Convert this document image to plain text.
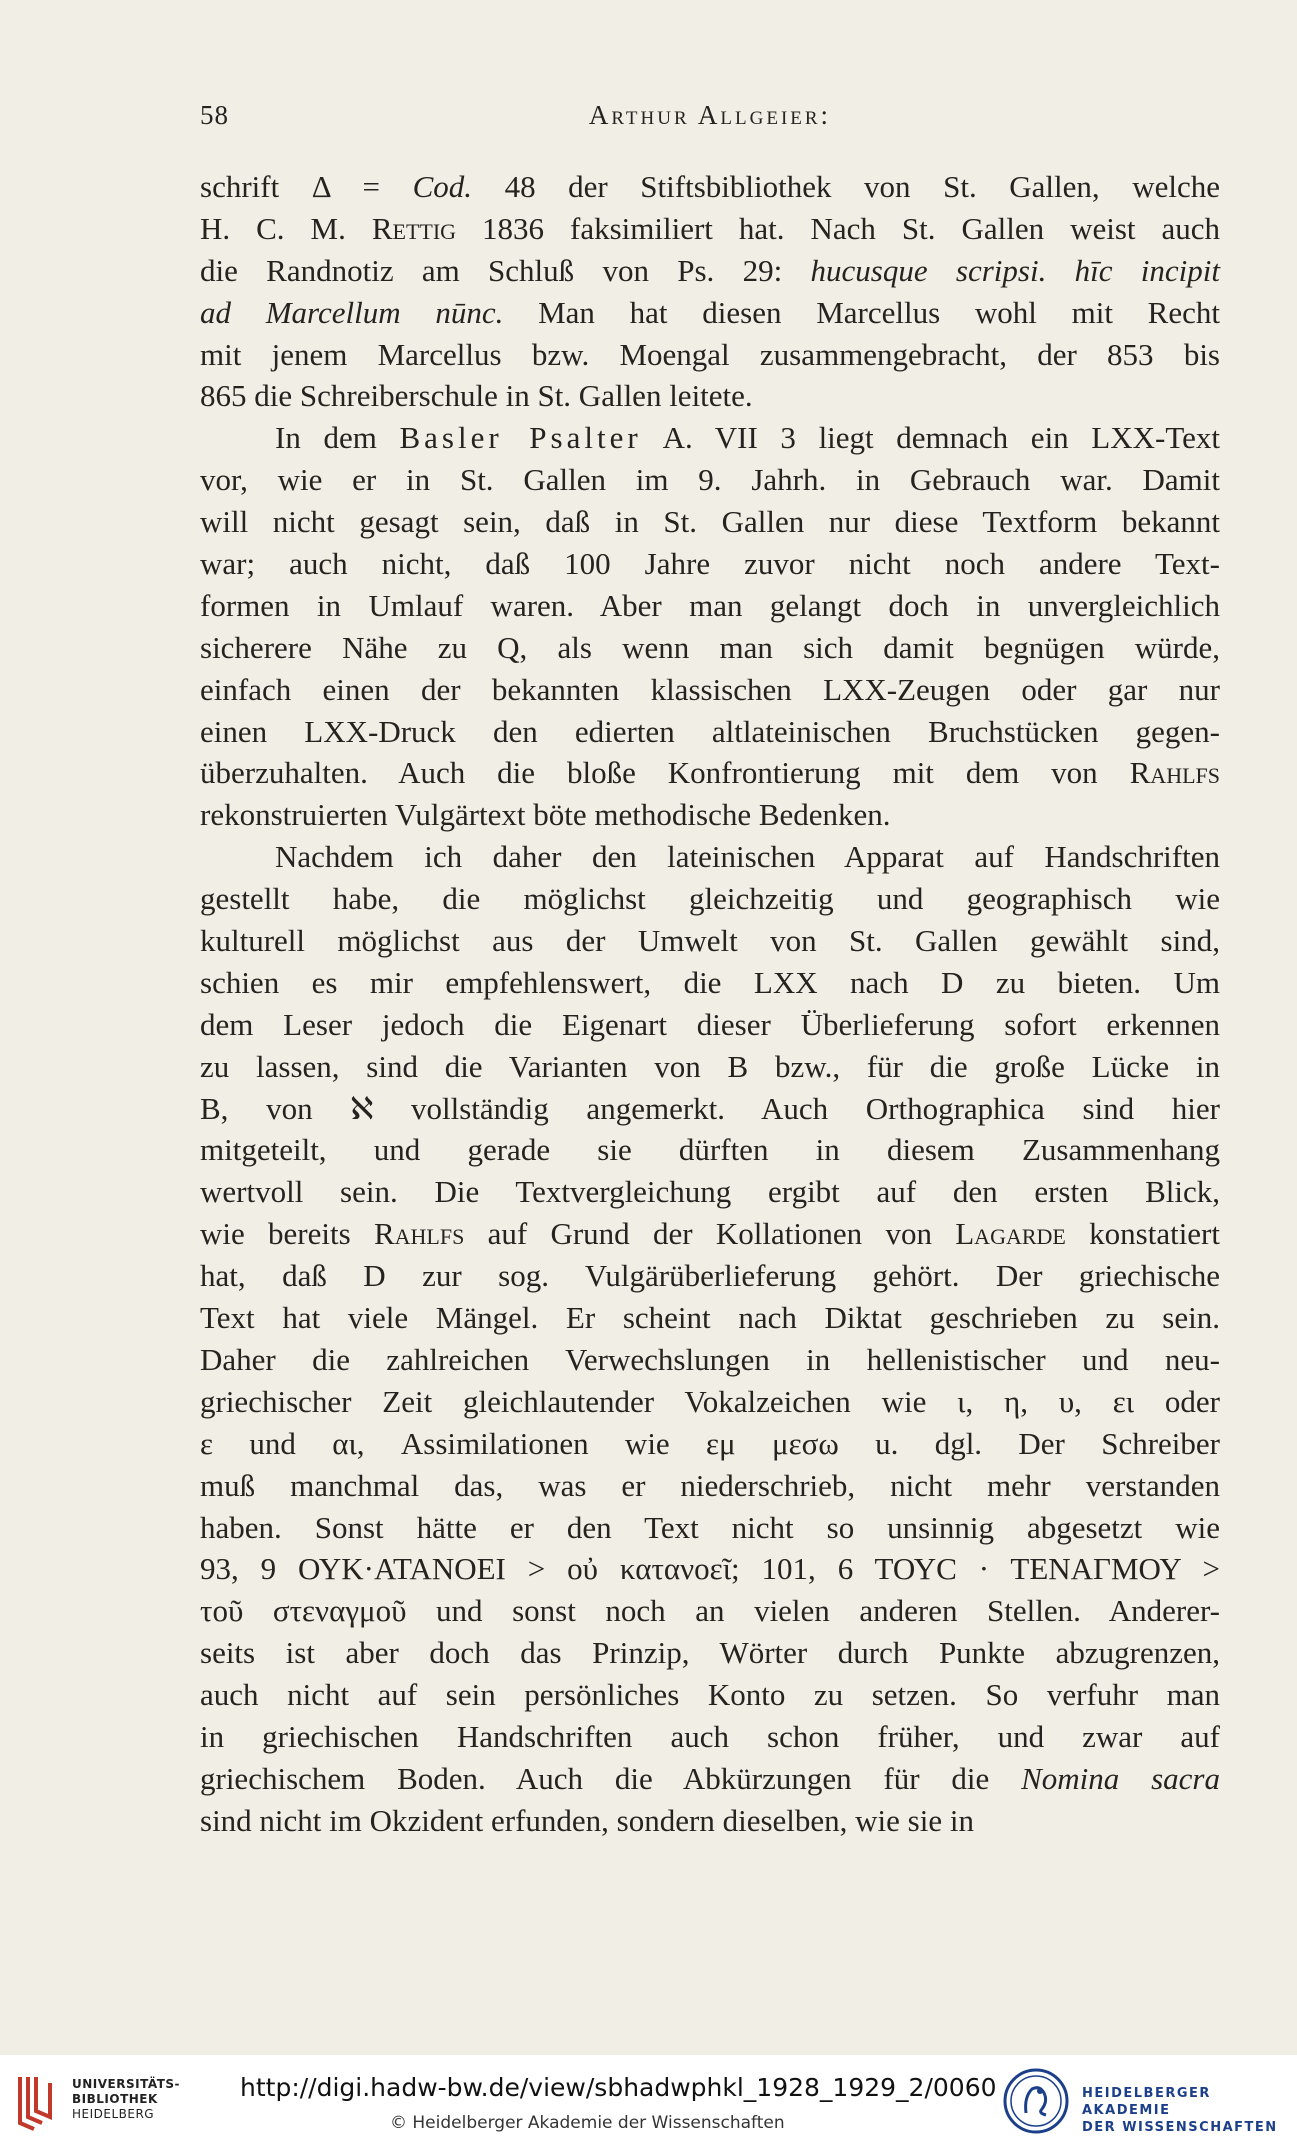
58	Arthur Allgeier:
schrift Δ = Cod. 48 der Stiftsbibliothek von St. Gallen, welche
H. C. M. Rettig 1836 faksimiliert hat. Nach St. Gallen weist auch
die Randnotiz am Schluß von Ps. 29: hucusque scripsi. hīc incipit
ad Marcellum nūnc. Man hat diesen Marcellus wohl mit Recht
mit jenem Marcellus bzw. Moengal zusammengebracht, der 853 bis
865 die Schreiberschule in St. Gallen leitete.
In dem Basler Psalter A. VII 3 liegt demnach ein LXX-Text
vor, wie er in St. Gallen im 9. Jahrh. in Gebrauch war. Damit
will nicht gesagt sein, daß in St. Gallen nur diese Textform bekannt
war; auch nicht, daß 100 Jahre zuvor nicht noch andere Text-
formen in Umlauf waren. Aber man gelangt doch in unvergleichlich
sicherere Nähe zu Q, als wenn man sich damit begnügen würde,
einfach einen der bekannten klassischen LXX-Zeugen oder gar nur
einen LXX-Druck den edierten altlateinischen Bruchstücken gegen-
überzuhalten. Auch die bloße Konfrontierung mit dem von Rahlfs
rekonstruierten Vulgärtext böte methodische Bedenken.
Nachdem ich daher den lateinischen Apparat auf Handschriften
gestellt habe, die möglichst gleichzeitig und geographisch wie
kulturell möglichst aus der Umwelt von St. Gallen gewählt sind,
schien es mir empfehlenswert, die LXX nach D zu bieten. Um
dem Leser jedoch die Eigenart dieser Überlieferung sofort erkennen
zu lassen, sind die Varianten von B bzw., für die große Lücke in
B, von ℵ vollständig angemerkt. Auch Orthographica sind hier
mitgeteilt, und gerade sie dürften in diesem Zusammenhang
wertvoll sein. Die Textvergleichung ergibt auf den ersten Blick,
wie bereits Rahlfs auf Grund der Kollationen von Lagarde konstatiert
hat, daß D zur sog. Vulgärüberlieferung gehört. Der griechische
Text hat viele Mängel. Er scheint nach Diktat geschrieben zu sein.
Daher die zahlreichen Verwechslungen in hellenistischer und neu-
griechischer Zeit gleichlautender Vokalzeichen wie ι, η, υ, ει oder
ε und αι, Assimilationen wie εμ μεσω u. dgl. Der Schreiber
muß manchmal das, was er niederschrieb, nicht mehr verstanden
haben. Sonst hätte er den Text nicht so unsinnig abgesetzt wie
93, 9 ΟΥΚ·ΑΤΑΝΟΕΙ > οὐ κατανοεῖ; 101, 6 ΤΟΥϹ · ΤΕΝΑΓΜΟΥ >
τοῦ στεναγμοῦ und sonst noch an vielen anderen Stellen. Anderer-
seits ist aber doch das Prinzip, Wörter durch Punkte abzugrenzen,
auch nicht auf sein persönliches Konto zu setzen. So verfuhr man
in griechischen Handschriften auch schon früher, und zwar auf
griechischem Boden. Auch die Abkürzungen für die Nomina sacra
sind nicht im Okzident erfunden, sondern dieselben, wie sie in
UNIVERSITÄTS-
BIBLIOTHEK
HEIDELBERG
http://digi.hadw-bw.de/view/sbhadwphkl_1928_1929_2/0060
© Heidelberger Akademie der Wissenschaften
HEIDELBERGER AKADEMIE
DER WISSENSCHAFTEN
